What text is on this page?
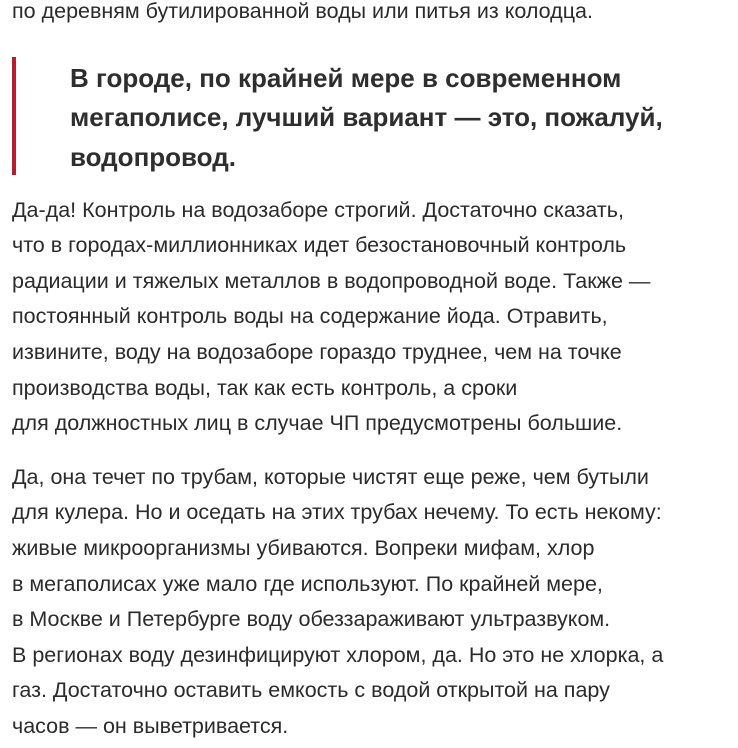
по деревням бутилированной воды или питья из колодца.

В городе, по крайней мере в современном
мегаполисе, лучший вариант — это, пожалуй,
водопровод.

Да-да! Контроль на водозаборе строгий. Достаточно сказать,
что в городах-миллионниках идет безостановочный контроль
радиации и тяжелых металлов в водопроводной воде. Также —
постоянный контроль воды на содержание йода. Отравить,
извините, воду на водозаборе гораздо труднее, чем на точке
производства воды, так как есть контроль, а сроки
для должностных лиц в случае ЧП предусмотрены большие.

Да, она течет по трубам, которые чистят еще реже, чем бутыли
для кулера. Но и оседать на этих трубах нечему. То есть некому:
живые микроорганизмы убиваются. Вопреки мифам, хлор
в мегаполисах уже мало где используют. По крайней мере,
в Москве и Петербурге воду обеззараживают ультразвуком.
В регионах воду дезинфицируют хлором, да. Но это не хлорка, а
газ. Достаточно оставить емкость с водой открытой на пару
часов — он выветривается.
